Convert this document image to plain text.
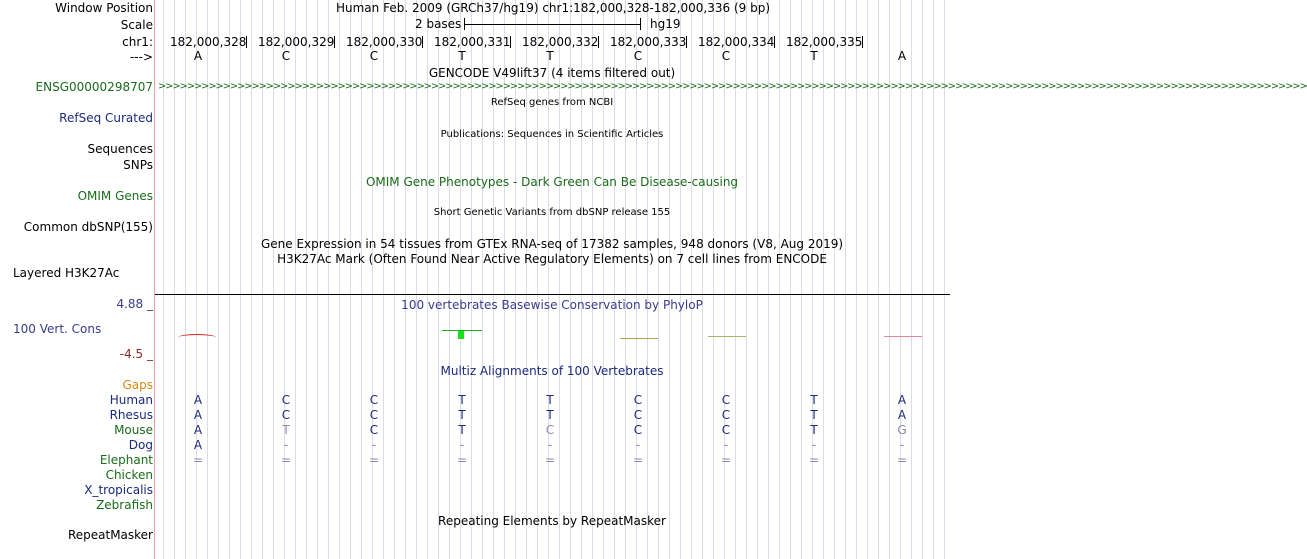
Window Position	Human Feb. 2009 (GRCh37/hg19) chr1:182,000,328-182,000,336 (9 bp)
Scale	2 bases	hg19
chr1: 182,000,328 182,000,329 182,000,330 182,000,331 182,000,332 182,000,333 182,000,334 182,000,335
--->	A	C	C	T	T	C	C	T	A
GENCODE V49lift37 (4 items filtered out)
ENSG00000298707 >>>>>>>>>>>>>>>>>>>>>>>>>>>>>>>>>>>>>>>>>>>>>>>>>>>>>>>>>>>>>>>>>>>>>>>>>>>>>>>>>>>>>>>>>>>>>>>>>>>>>>>>>>>>>>>>>>>>>>>>>>>>>>>>>>>>>>>>>>>>>>>>>>>>>>>>>>>>>>>>
RefSeq genes from NCBI
RefSeq Curated
Publications: Sequences in Scientific Articles
Sequences
SNPs
OMIM Gene Phenotypes - Dark Green Can Be Disease-causing
OMIM Genes
Short Genetic Variants from dbSNP release 155
Common dbSNP(155)
Gene Expression in 54 tissues from GTEx RNA-seq of 17382 samples, 948 donors (V8, Aug 2019)
H3K27Ac Mark (Often Found Near Active Regulatory Elements) on 7 cell lines from ENCODE
Layered H3K27Ac
100 vertebrates Basewise Conservation by PhyloP
4.88 _
100 Vert. Cons
-4.5 _
Multiz Alignments of 100 Vertebrates
Gaps
Human	A	C	C	T	T	C	C	T	A
Rhesus	A	C	C	T	T	C	C	T	A
Mouse	A	T	C	T	C	C	C	T	G
Dog	A	-	-	-	-	-	-	-	-
Elephant	=	=	=	=	=	=	=	=	=
Chicken
X_tropicalis
Zebrafish
Repeating Elements by RepeatMasker
RepeatMasker
